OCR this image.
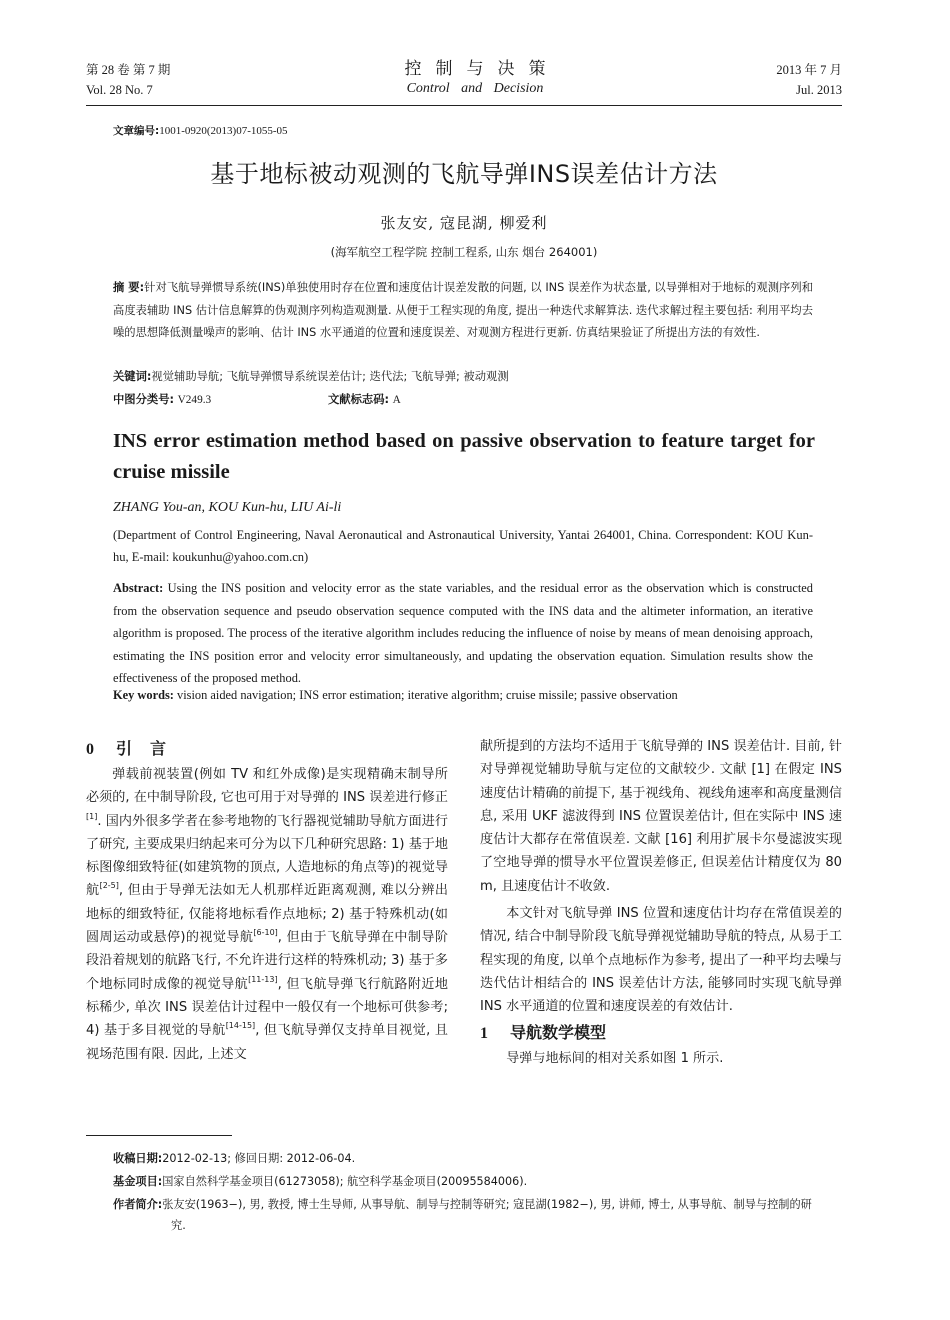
第 28 卷 第 7 期
Vol. 28 No. 7
控制与决策
Control and Decision
2013 年 7 月
Jul. 2013
文章编号:1001-0920(2013)07-1055-05
基于地标被动观测的飞航导弹INS误差估计方法
张友安, 寇昆湖, 柳爱利
(海军航空工程学院 控制工程系, 山东 烟台 264001)
摘 要:针对飞航导弹惯导系统(INS)单独使用时存在位置和速度估计误差发散的问题, 以 INS 误差作为状态量, 以导弹相对于地标的观测序列和高度表辅助 INS 估计信息解算的伪观测序列构造观测量. 从便于工程实现的角度, 提出一种迭代求解算法. 迭代求解过程主要包括: 利用平均去噪的思想降低测量噪声的影响、估计 INS 水平通道的位置和速度误差、对观测方程进行更新. 仿真结果验证了所提出方法的有效性.
关键词:视觉辅助导航; 飞航导弹惯导系统误差估计; 迭代法; 飞航导弹; 被动观测
中图分类号: V249.3	文献标志码: A
INS error estimation method based on passive observation to feature target for cruise missile
ZHANG You-an, KOU Kun-hu, LIU Ai-li
(Department of Control Engineering, Naval Aeronautical and Astronautical University, Yantai 264001, China. Correspondent: KOU Kun-hu, E-mail: koukunhu@yahoo.com.cn)
Abstract: Using the INS position and velocity error as the state variables, and the residual error as the observation which is constructed from the observation sequence and pseudo observation sequence computed with the INS data and the altimeter information, an iterative algorithm is proposed. The process of the iterative algorithm includes reducing the influence of noise by means of mean denoising approach, estimating the INS position error and velocity error simultaneously, and updating the observation equation. Simulation results show the effectiveness of the proposed method.
Key words: vision aided navigation; INS error estimation; iterative algorithm; cruise missile; passive observation
0 引言

弹载前视装置(例如 TV 和红外成像)是实现精确末制导所必须的, 在中制导阶段, 它也可用于对导弹的 INS 误差进行修正[1]. 国内外很多学者在参考地物的飞行器视觉辅助导航方面进行了研究, 主要成果归纳起来可分为以下几种研究思路: 1) 基于地标图像细致特征(如建筑物的顶点, 人造地标的角点等)的视觉导航[2-5], 但由于导弹无法如无人机那样近距离观测, 难以分辨出地标的细致特征, 仅能将地标看作点地标; 2) 基于特殊机动(如圆周运动或悬停)的视觉导航[6-10], 但由于飞航导弹在中制导阶段沿着规划的航路飞行, 不允许进行这样的特殊机动; 3) 基于多个地标同时成像的视觉导航[11-13], 但飞航导弹飞行航路附近地标稀少, 单次 INS 误差估计过程中一般仅有一个地标可供参考; 4) 基于多目视觉的导航[14-15], 但飞航导弹仅支持单目视觉, 且视场范围有限. 因此, 上述文

献所提到的方法均不适用于飞航导弹的 INS 误差估计. 目前, 针对导弹视觉辅助导航与定位的文献较少. 文献 [1] 在假定 INS 速度估计精确的前提下, 基于视线角、视线角速率和高度量测信息, 采用 UKF 滤波得到 INS 位置误差估计, 但在实际中 INS 速度估计大都存在常值误差. 文献 [16] 利用扩展卡尔曼滤波实现了空地导弹的惯导水平位置误差修正, 但误差估计精度仅为 80 m, 且速度估计不收敛.

本文针对飞航导弹 INS 位置和速度估计均存在常值误差的情况, 结合中制导阶段飞航导弹视觉辅助导航的特点, 从易于工程实现的角度, 以单个点地标作为参考, 提出了一种平均去噪与迭代估计相结合的 INS 误差估计方法, 能够同时实现飞航导弹 INS 水平通道的位置和速度误差的有效估计.

1 导航数学模型

导弹与地标间的相对关系如图 1 所示.

收稿日期:2012-02-13; 修回日期: 2012-06-04.
基金项目:国家自然科学基金项目(61273058); 航空科学基金项目(20095584006).
作者简介:张友安(1963−), 男, 教授, 博士生导师, 从事导航、制导与控制等研究; 寇昆湖(1982−), 男, 讲师, 博士, 从事导航、制导与控制的研究.
